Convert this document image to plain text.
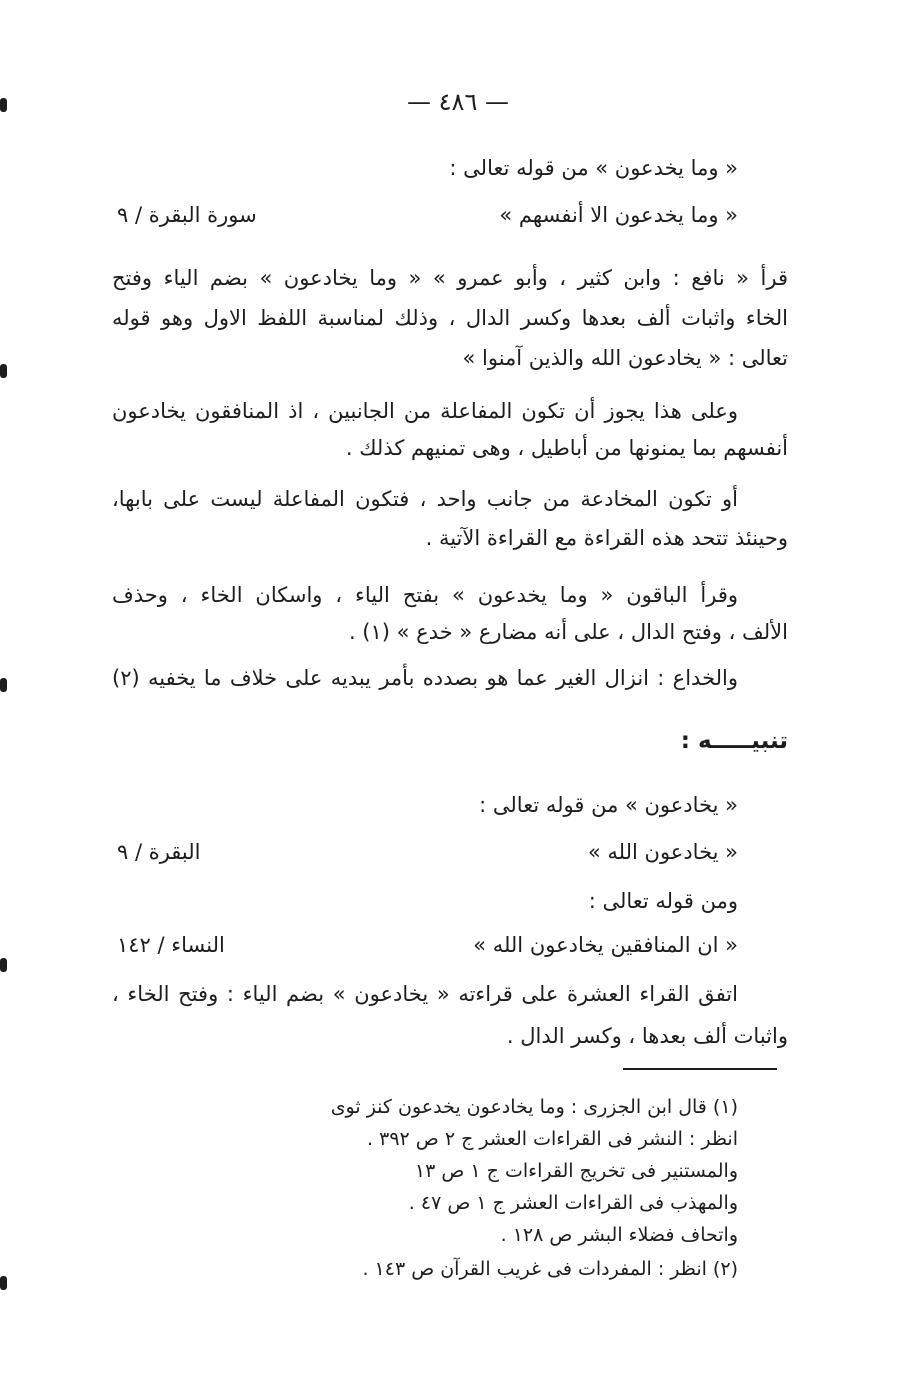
— ٤٨٦ —
« وما يخدعون » من قوله تعالى :
« وما يخدعون الا أنفسهم »
سورة البقرة / ٩
قرأ « نافع : وابن كثير ، وأبو عمرو » « وما يخادعون » بضم الياء وفتح
الخاء واثبات ألف بعدها وكسر الدال ، وذلك لمناسبة اللفظ الاول وهو قوله
تعالى : « يخادعون الله والذين آمنوا »
وعلى هذا يجوز أن تكون المفاعلة من الجانبين ، اذ المنافقون يخادعون
أنفسهم بما يمنونها من أباطيل ، وهى تمنيهم كذلك .
أو تكون المخادعة من جانب واحد ، فتكون المفاعلة ليست على بابها،
وحينئذ تتحد هذه القراءة مع القراءة الآتية .
وقرأ الباقون « وما يخدعون » بفتح الياء ، واسكان الخاء ، وحذف
الألف ، وفتح الدال ، على أنه مضارع « خدع » (١) .
والخداع : انزال الغير عما هو بصدده بأمر يبديه على خلاف ما يخفيه (٢)
تنبيـــــه :
« يخادعون » من قوله تعالى :
« يخادعون الله »
البقرة / ٩
ومن قوله تعالى :
« ان المنافقين يخادعون الله »
النساء / ١٤٢
اتفق القراء العشرة على قراءته « يخادعون » بضم الياء : وفتح الخاء ،
واثبات ألف بعدها ، وكسر الدال .
(١) قال ابن الجزرى : وما يخادعون يخدعون كنز ثوى
انظر : النشر فى القراءات العشر ج ٢ ص ٣٩٢ .
والمستنير فى تخريج القراءات ج ١ ص ١٣
والمهذب فى القراءات العشر ج ١ ص ٤٧ .
واتحاف فضلاء البشر ص ١٢٨ .
(٢) انظر : المفردات فى غريب القرآن ص ١٤٣ .
